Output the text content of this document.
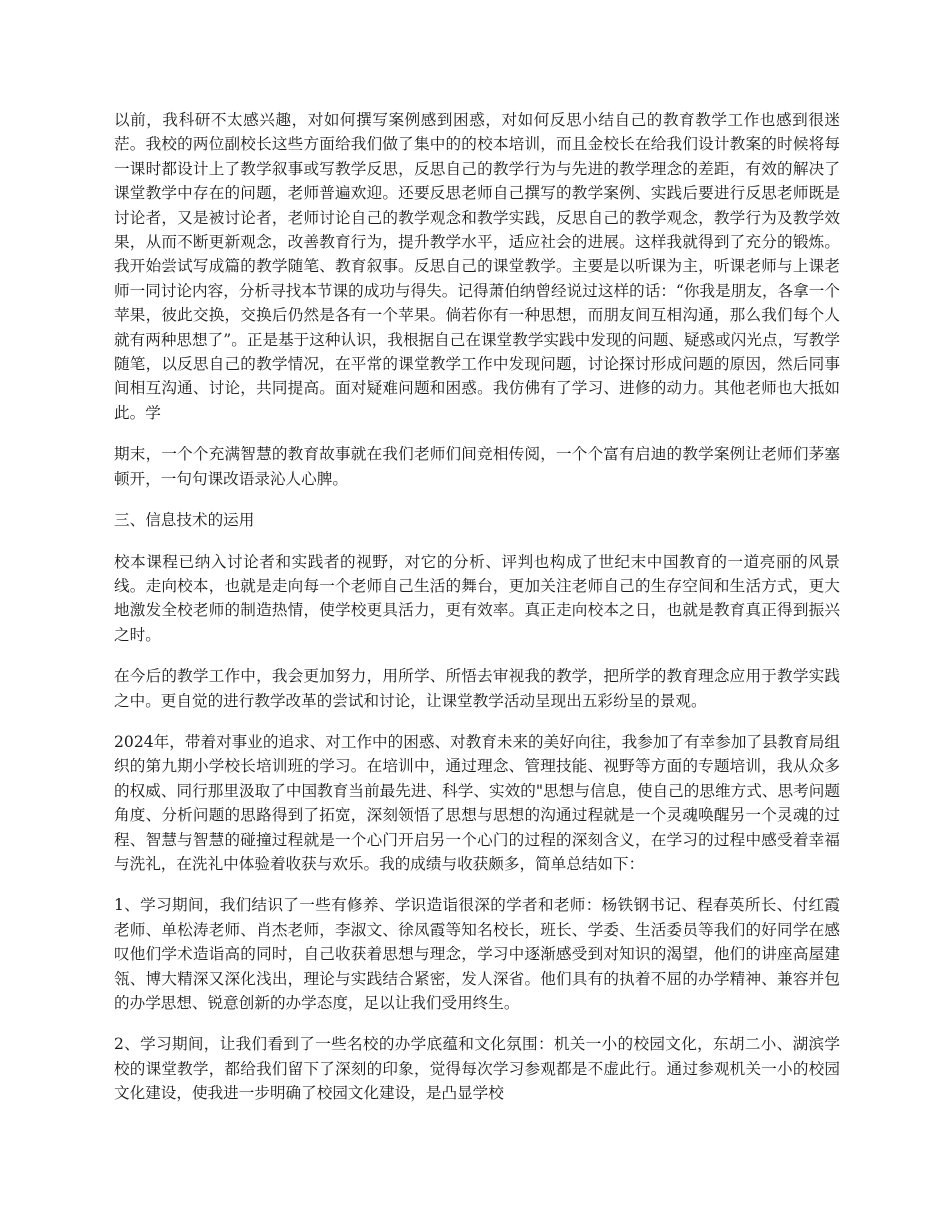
以前，我科研不太感兴趣，对如何撰写案例感到困惑，对如何反思小结自己的教育教学工作也感到很迷茫。我校的两位副校长这些方面给我们做了集中的的校本培训，而且金校长在给我们设计教案的时候将每一课时都设计上了教学叙事或写教学反思，反思自己的教学行为与先进的教学理念的差距，有效的解决了课堂教学中存在的问题，老师普遍欢迎。还要反思老师自己撰写的教学案例、实践后要进行反思老师既是讨论者，又是被讨论者，老师讨论自己的教学观念和教学实践，反思自己的教学观念，教学行为及教学效果，从而不断更新观念，改善教育行为，提升教学水平，适应社会的进展。这样我就得到了充分的锻炼。我开始尝试写成篇的教学随笔、教育叙事。反思自己的课堂教学。主要是以听课为主，听课老师与上课老师一同讨论内容，分析寻找本节课的成功与得失。记得萧伯纳曾经说过这样的话：“你我是朋友，各拿一个苹果，彼此交换，交换后仍然是各有一个苹果。倘若你有一种思想，而朋友间互相沟通，那么我们每个人就有两种思想了”。正是基于这种认识，我根据自己在课堂教学实践中发现的问题、疑惑或闪光点，写教学随笔，以反思自己的教学情况，在平常的课堂教学工作中发现问题，讨论探讨形成问题的原因，然后同事间相互沟通、讨论，共同提高。面对疑难问题和困惑。我仿佛有了学习、进修的动力。其他老师也大抵如此。学

期末，一个个充满智慧的教育故事就在我们老师们间竞相传阅，一个个富有启迪的教学案例让老师们茅塞顿开，一句句课改语录沁人心脾。

三、信息技术的运用

校本课程已纳入讨论者和实践者的视野，对它的分析、评判也构成了世纪末中国教育的一道亮丽的风景线。走向校本，也就是走向每一个老师自己生活的舞台，更加关注老师自己的生存空间和生活方式，更大地激发全校老师的制造热情，使学校更具活力，更有效率。真正走向校本之日，也就是教育真正得到振兴之时。

在今后的教学工作中，我会更加努力，用所学、所悟去审视我的教学，把所学的教育理念应用于教学实践之中。更自觉的进行教学改革的尝试和讨论，让课堂教学活动呈现出五彩纷呈的景观。

2024年，带着对事业的追求、对工作中的困惑、对教育未来的美好向往，我参加了有幸参加了县教育局组织的第九期小学校长培训班的学习。在培训中，通过理念、管理技能、视野等方面的专题培训，我从众多的权威、同行那里汲取了中国教育当前最先进、科学、实效的"思想与信息，使自己的思维方式、思考问题角度、分析问题的思路得到了拓宽，深刻领悟了思想与思想的沟通过程就是一个灵魂唤醒另一个灵魂的过程、智慧与智慧的碰撞过程就是一个心门开启另一个心门的过程的深刻含义，在学习的过程中感受着幸福与洗礼，在洗礼中体验着收获与欢乐。我的成绩与收获颇多，简单总结如下：

1、学习期间，我们结识了一些有修养、学识造诣很深的学者和老师：杨铁钢书记、程春英所长、付红霞老师、单松涛老师、肖杰老师，李淑文、徐凤霞等知名校长，班长、学委、生活委员等我们的好同学在感叹他们学术造诣高的同时，自己收获着思想与理念，学习中逐渐感受到对知识的渴望，他们的讲座高屋建瓴、博大精深又深化浅出，理论与实践结合紧密，发人深省。他们具有的执着不屈的办学精神、兼容并包的办学思想、锐意创新的办学态度，足以让我们受用终生。

2、学习期间，让我们看到了一些名校的办学底蕴和文化氛围：机关一小的校园文化，东胡二小、湖滨学校的课堂教学，都给我们留下了深刻的印象，觉得每次学习参观都是不虚此行。通过参观机关一小的校园文化建设，使我进一步明确了校园文化建设，是凸显学校
